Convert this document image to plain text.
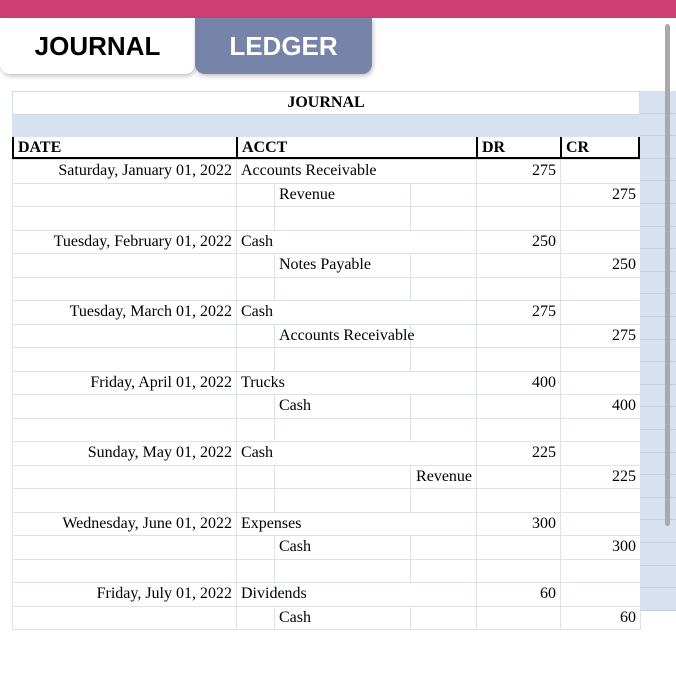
JOURNAL	LEDGER
JOURNAL
DATE	ACCT	DR	CR
Saturday, January 01, 2022	Accounts Receivable			275	
		Revenue			275

Tuesday, February 01, 2022	Cash			250	
		Notes Payable			250

Tuesday, March 01, 2022	Cash			275	
		Accounts Receivable			275

Friday, April 01, 2022	Trucks			400	
		Cash			400

Sunday, May 01, 2022	Cash			225	
			Revenue		225

Wednesday, June 01, 2022	Expenses			300	
		Cash			300

Friday, July 01, 2022	Dividends			60	
		Cash			60
